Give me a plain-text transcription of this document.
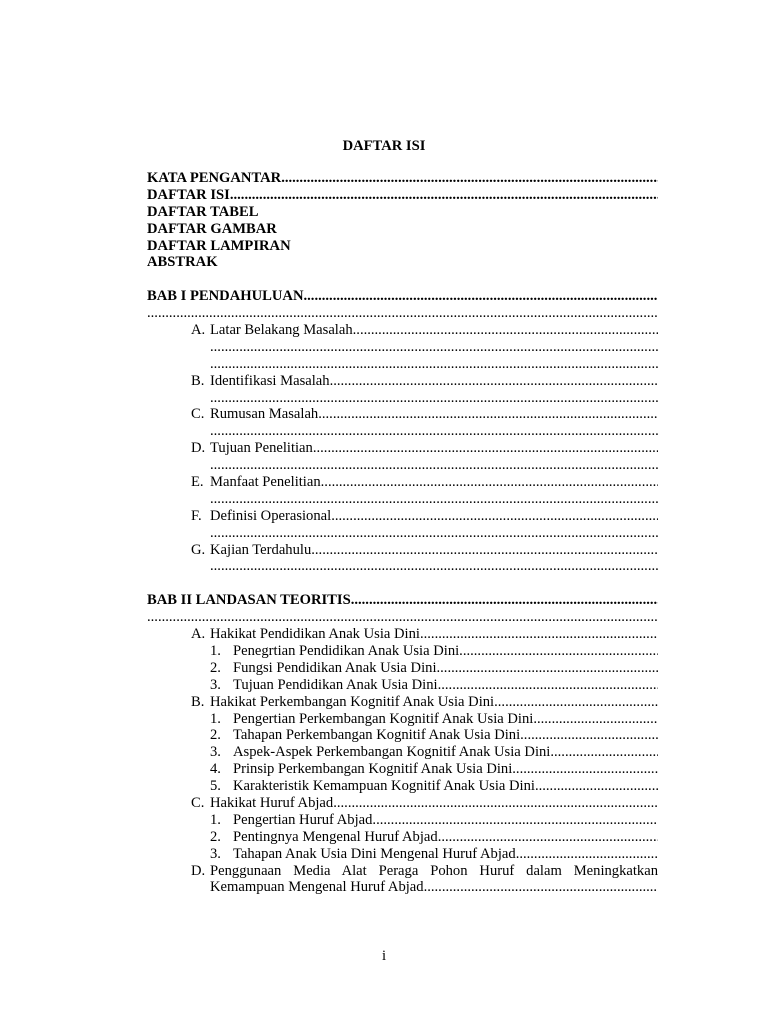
DAFTAR ISI
KATA PENGANTAR
.....
DAFTAR ISI
.....
DAFTAR TABEL
DAFTAR GAMBAR
DAFTAR LAMPIRAN
ABSTRAK
BAB I PENDAHULUAN
.....
.....
A. Latar Belakang Masalah
.....
.....
.....
B. Identifikasi Masalah
.....
.....
C. Rumusan Masalah
.....
.....
D. Tujuan Penelitian
.....
.....
E. Manfaat Penelitian
.....
.....
F. Definisi Operasional
.....
.....
G. Kajian Terdahulu
.....
.....
BAB II LANDASAN TEORITIS
.....
.....
A. Hakikat Pendidikan Anak Usia Dini
.....
1. Penegrtian Pendidikan Anak Usia Dini
.....
2. Fungsi Pendidikan Anak Usia Dini
.....
3. Tujuan Pendidikan Anak Usia Dini
.....
B. Hakikat Perkembangan Kognitif Anak Usia Dini
.....
1. Pengertian Perkembangan Kognitif Anak Usia Dini
.....
2. Tahapan Perkembangan Kognitif Anak Usia Dini
.....
3. Aspek-Aspek Perkembangan Kognitif Anak Usia Dini
.....
4. Prinsip Perkembangan Kognitif Anak Usia Dini
.....
5. Karakteristik Kemampuan Kognitif Anak Usia Dini
.....
C. Hakikat Huruf Abjad
.....
1. Pengertian Huruf Abjad
.....
2. Pentingnya Mengenal Huruf Abjad
.....
3. Tahapan Anak Usia Dini Mengenal Huruf Abjad
.....
D. Penggunaan Media Alat Peraga Pohon Huruf dalam Meningkatkan
Kemampuan Mengenal Huruf Abjad
.....
i
